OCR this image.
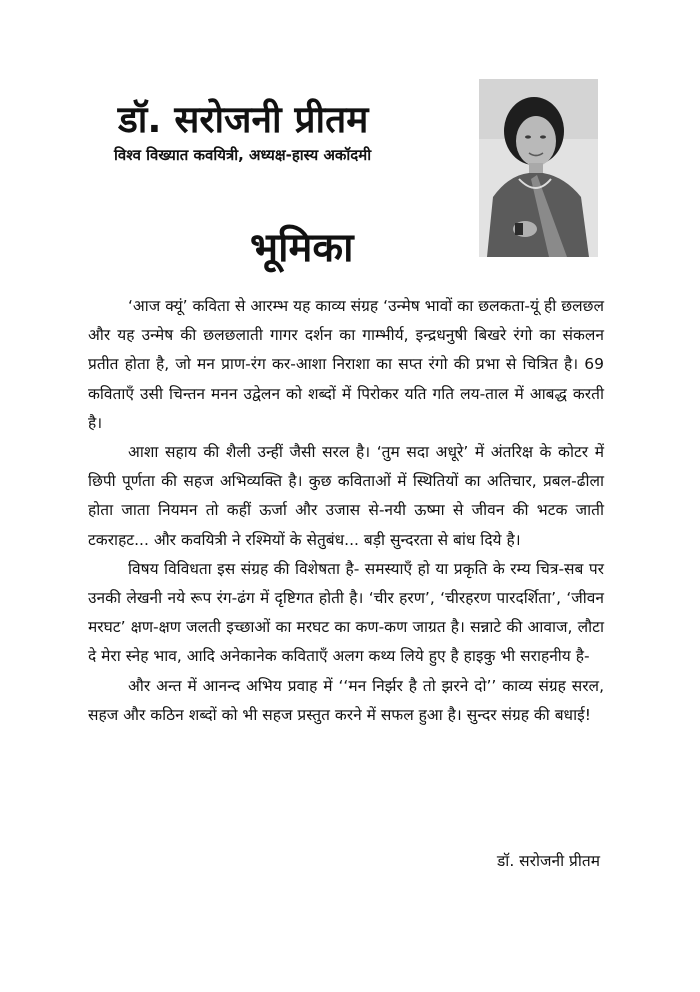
डॉ. सरोजनी प्रीतम
विश्‍व विख्यात कवयित्री, अध्यक्ष-हास्य अकॉदमी
भूमिका

‘आज क्यूं’ कविता से आरम्भ यह काव्य संग्रह ‘उन्मेष भावों का छलकता-यूं ही छलछल और यह उन्मेष की छलछलाती गागर दर्शन का गाम्भीर्य, इन्द्रधनुषी बिखरे रंगो का संकलन प्रतीत होता है, जो मन प्राण-रंग कर-आशा निराशा का सप्त रंगो की प्रभा से चित्रित है। 69 कविताएँ उसी चिन्तन मनन उद्वेलन को शब्दों में पिरोकर यति गति लय-ताल में आबद्ध करती है।

आशा सहाय की शैली उन्हीं जैसी सरल है। ‘तुम सदा अधूरे’ में अंतरिक्ष के कोटर में छिपी पूर्णता की सहज अभिव्यक्ति है। कुछ कविताओं में स्थितियों का अतिचार, प्रबल-ढीला होता जाता नियमन तो कहीं ऊर्जा और उजास से-नयी ऊष्मा से जीवन की भटक जाती टकराहट... और कवयित्री ने रश्मियों के सेतुबंध... बड़ी सुन्दरता से बांध दिये है।

विषय विविधता इस संग्रह की विशेषता है- समस्याएँ हो या प्रकृति के रम्य चित्र-सब पर उनकी लेखनी नये रूप रंग-ढंग में दृष्टिगत होती है। ‘चीर हरण’, ‘चीरहरण पारदर्शिता’, ‘जीवन मरघट’ क्षण-क्षण जलती इच्छाओं का मरघट का कण-कण जाग्रत है। सन्नाटे की आवाज, लौटा दे मेरा स्नेह भाव, आदि अनेकानेक कविताएँ अलग कथ्य लिये हुए है हाइकु भी सराहनीय है-

और अन्त में आनन्द अभिय प्रवाह में ‘‘मन निर्झर है तो झरने दो’’ काव्य संग्रह सरल, सहज और कठिन शब्दों को भी सहज प्रस्तुत करने में सफल हुआ है। सुन्दर संग्रह की बधाई!

डॉ. सरोजनी प्रीतम
